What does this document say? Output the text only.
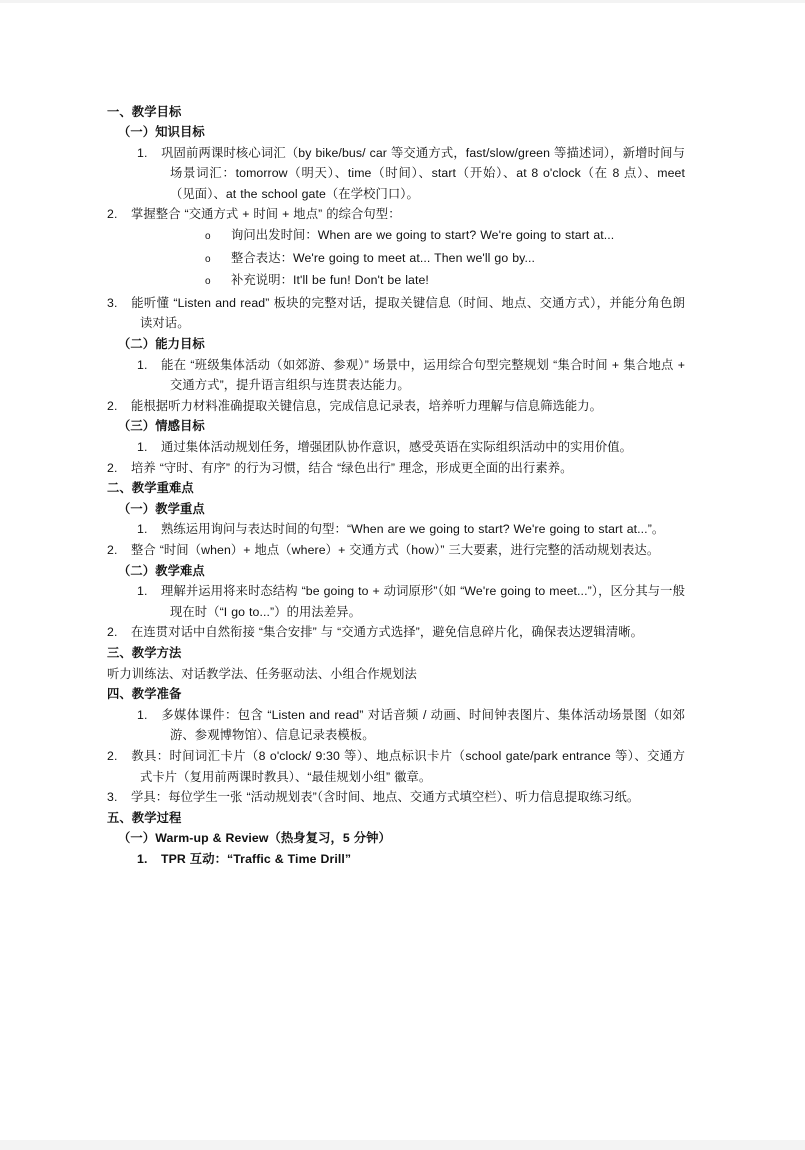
一、教学目标

（一）知识目标

1. 巩固前两课时核心词汇（by bike/bus/ car 等交通方式，fast/slow/green 等描述词），新增时间与场景词汇：tomorrow（明天）、time（时间）、start（开始）、at 8 o'clock（在 8 点）、meet（见面）、at the school gate（在学校门口）。

2. 掌握整合 “交通方式 + 时间 + 地点” 的综合句型：

o 询问出发时间：When are we going to start? We're going to start at...

o 整合表达：We're going to meet at... Then we'll go by...

o 补充说明：It'll be fun! Don't be late!

3. 能听懂 “Listen and read” 板块的完整对话，提取关键信息（时间、地点、交通方式），并能分角色朗读对话。

（二）能力目标

1. 能在 “班级集体活动（如郊游、参观）” 场景中，运用综合句型完整规划 “集合时间 + 集合地点 + 交通方式”，提升语言组织与连贯表达能力。

2. 能根据听力材料准确提取关键信息，完成信息记录表，培养听力理解与信息筛选能力。

（三）情感目标

1. 通过集体活动规划任务，增强团队协作意识，感受英语在实际组织活动中的实用价值。

2. 培养 “守时、有序” 的行为习惯，结合 “绿色出行” 理念，形成更全面的出行素养。

二、教学重难点

（一）教学重点

1. 熟练运用询问与表达时间的句型：“When are we going to start? We're going to start at...”。

2. 整合 “时间（when）+ 地点（where）+ 交通方式（how）” 三大要素，进行完整的活动规划表达。

（二）教学难点

1. 理解并运用将来时态结构 “be going to + 动词原形”（如 “We're going to meet...”），区分其与一般现在时（“I go to...”）的用法差异。

2. 在连贯对话中自然衔接 “集合安排” 与 “交通方式选择”，避免信息碎片化，确保表达逻辑清晰。

三、教学方法

听力训练法、对话教学法、任务驱动法、小组合作规划法

四、教学准备

1. 多媒体课件：包含 “Listen and read” 对话音频 / 动画、时间钟表图片、集体活动场景图（如郊游、参观博物馆）、信息记录表模板。

2. 教具：时间词汇卡片（8 o'clock/ 9:30 等）、地点标识卡片（school gate/park entrance 等）、交通方式卡片（复用前两课时教具）、“最佳规划小组” 徽章。

3. 学具：每位学生一张 “活动规划表”（含时间、地点、交通方式填空栏）、听力信息提取练习纸。

五、教学过程

（一）Warm-up & Review（热身复习，5 分钟）

1. TPR 互动：“Traffic & Time Drill”
